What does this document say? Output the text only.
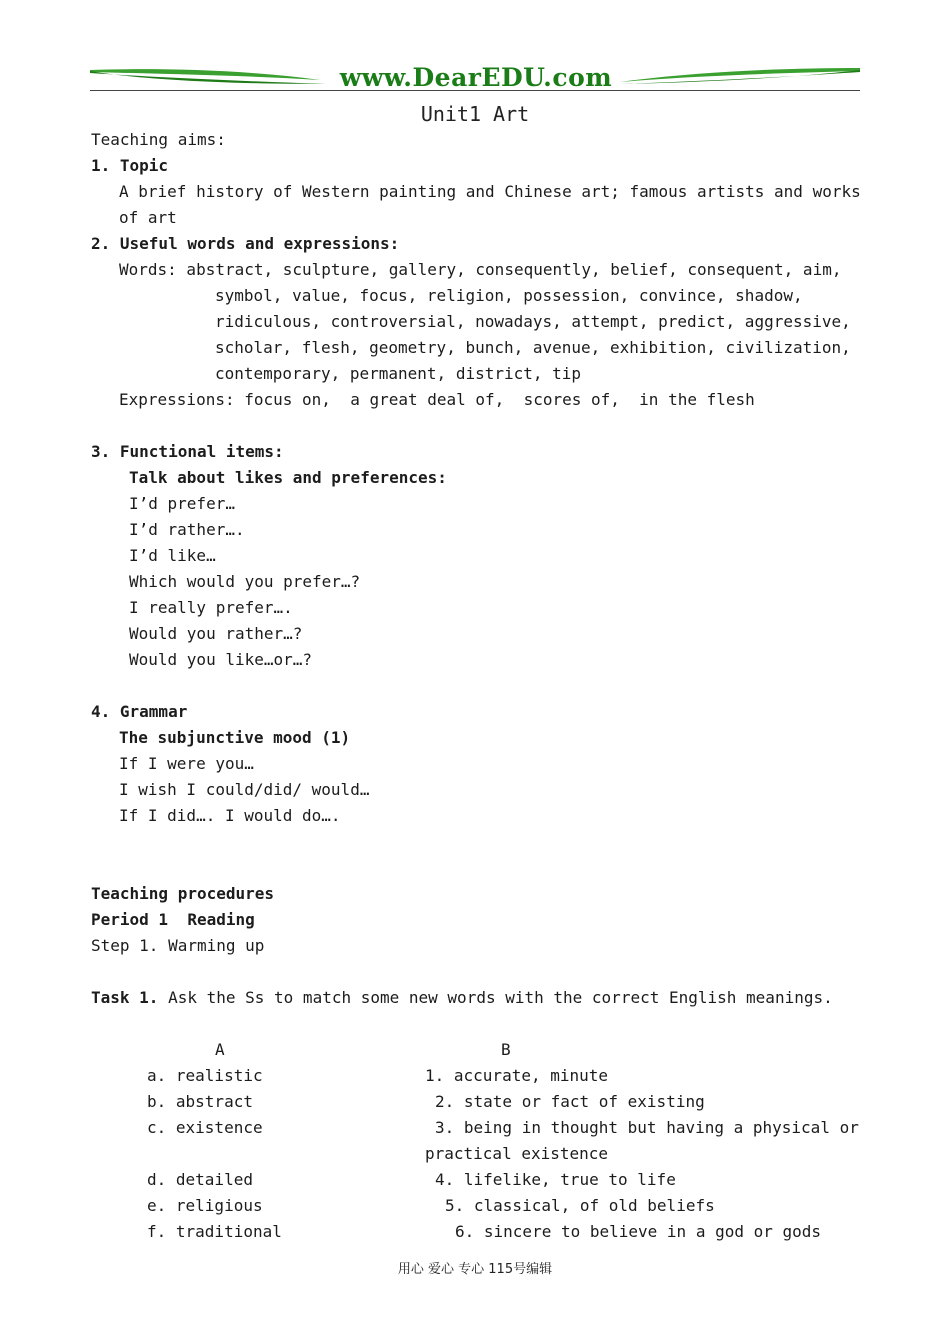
www.DearEDU.com
Unit1 Art
Teaching aims:
1. Topic
A brief history of Western painting and Chinese art; famous artists and works
of art
2. Useful words and expressions:
Words: abstract, sculpture, gallery, consequently, belief, consequent, aim,
symbol, value, focus, religion, possession, convince, shadow,
ridiculous, controversial, nowadays, attempt, predict, aggressive,
scholar, flesh, geometry, bunch, avenue, exhibition, civilization,
contemporary, permanent, district, tip
Expressions: focus on,  a great deal of,  scores of,  in the flesh
3. Functional items:
Talk about likes and preferences:
I’d prefer…
I’d rather….
I’d like…
Which would you prefer…?
I really prefer….
Would you rather…?
Would you like…or…?
4. Grammar
The subjunctive mood (1)
If I were you…
I wish I could/did/ would…
If I did…. I would do….
Teaching procedures
Period 1  Reading
Step 1. Warming up
Task 1. Ask the Ss to match some new words with the correct English meanings.
A	B
a. realistic
b. abstract
c. existence
d. detailed
e. religious
f. traditional
1. accurate, minute
2. state or fact of existing
3. being in thought but having a physical or
practical existence
4. lifelike, true to life
5. classical, of old beliefs
6. sincere to believe in a god or gods
用心 爱心 专心 115号编辑
